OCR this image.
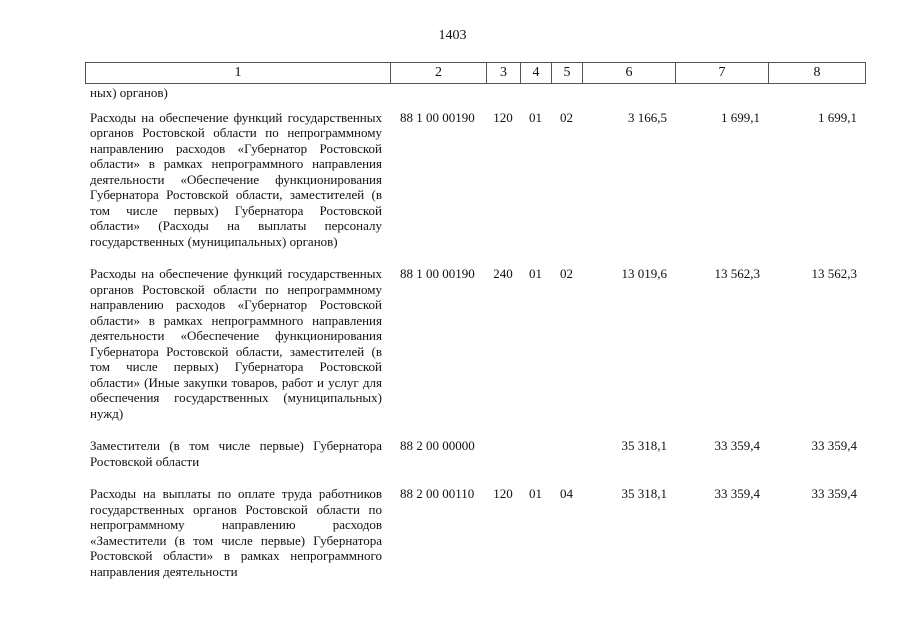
1403
1	2	3	4	5	6	7	8
ных) органов)							
Расходы на обеспечение функций государственных органов Ростовской области по непрограммному направлению расходов «Губернатор Ростовской области» в рамках непрограммного направления деятельности «Обеспечение функционирования Губернатора Ростовской области, заместителей (в том числе первых) Губернатора Ростовской области» (Расходы на выплаты персоналу государственных (муниципальных) органов)	88 1 00 00190	120	01	02	3 166,5	1 699,1	1 699,1
Расходы на обеспечение функций государственных органов Ростовской области по непрограммному направлению расходов «Губернатор Ростовской области» в рамках непрограммного направления деятельности «Обеспечение функционирования Губернатора Ростовской области, заместителей (в том числе первых) Губернатора Ростовской области» (Иные закупки товаров, работ и услуг для обеспечения государственных (муниципальных) нужд)	88 1 00 00190	240	01	02	13 019,6	13 562,3	13 562,3
Заместители (в том числе первые) Губернатора Ростовской области	88 2 00 00000				35 318,1	33 359,4	33 359,4
Расходы на выплаты по оплате труда работников государственных органов Ростовской области по непрограммному направлению расходов «Заместители (в том числе первые) Губернатора Ростовской области» в рамках непрограммного направления деятельности	88 2 00 00110	120	01	04	35 318,1	33 359,4	33 359,4
